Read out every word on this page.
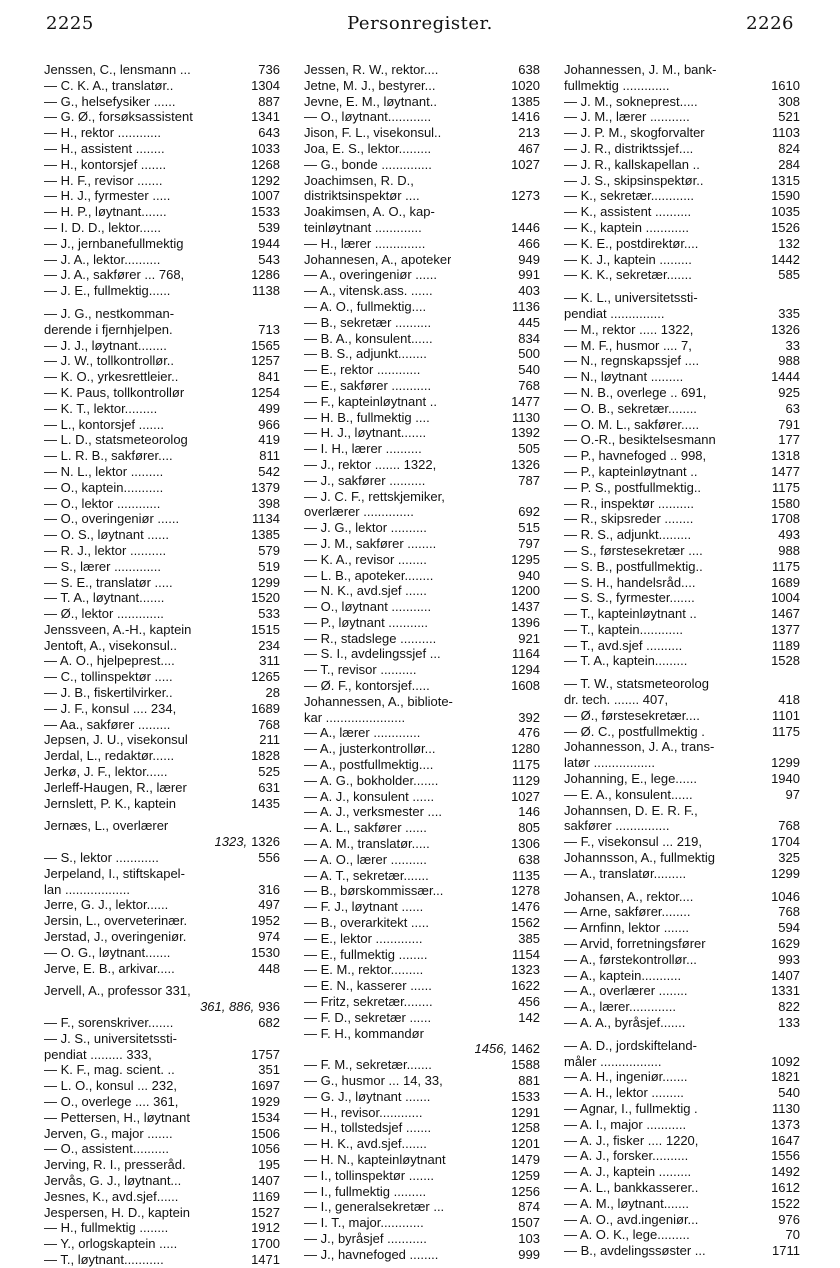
2225	Personregister.	2226
Jenssen, C., lensmann ...	736
— C. K. A., translatør..	1304
— G., helsefysiker ......	887
— G. Ø., forsøksassistent	1341
— H., rektor ............	643
— H., assistent ........	1033
— H., kontorsjef .......	1268
— H. F., revisor .......	1292
— H. J., fyrmester .....	1007
— H. P., løytnant.......	1533
— I. D. D., lektor......	539
— J., jernbanefullmektig	1944
— J. A., lektor..........	543
— J. A., sakfører ... 768,	1286
— J. E., fullmektig......	1138
— J. G., nestkomman-
derende i fjernhjelpen.	713
— J. J., løytnant........	1565
— J. W., tollkontrollør..	1257
— K. O., yrkesrettleier..	841
— K. Paus, tollkontrollør	1254
— K. T., lektor.........	499
— L., kontorsjef .......	966
— L. D., statsmeteorolog	419
— L. R. B., sakfører....	811
— N. L., lektor .........	542
— O., kaptein...........	1379
— O., lektor ............	398
— O., overingeniør ......	1134
— O. S., løytnant ......	1385
— R. J., lektor ..........	579
— S., lærer .............	519
— S. E., translatør .....	1299
— T. A., løytnant.......	1520
— Ø., lektor .............	533
Jenssveen, A.-H., kaptein	1515
Jentoft, A., visekonsul..	234
— A. O., hjelpeprest....	311
— C., tollinspektør .....	1265
— J. B., fiskertilvirker..	28
— J. F., konsul .... 234,	1689
— Aa., sakfører .........	768
Jepsen, J. U., visekonsul	211
Jerdal, L., redaktør......	1828
Jerkø, J. F., lektor......	525
Jerleff-Haugen, R., lærer	631
Jernslett, P. K., kaptein	1435
Jernæs, L., overlærer
1323, 1326
— S., lektor ............	556
Jerpeland, I., stiftskapel-
lan ..................	316
Jerre, G. J., lektor......	497
Jersin, L., overveterinær.	1952
Jerstad, J., overingeniør.	974
— O. G., løytnant.......	1530
Jerve, E. B., arkivar.....	448
Jervell, A., professor 331,
361, 886, 936
— F., sorenskriver.......	682
— J. S., universitetssti-
pendiat ......... 333,	1757
— K. F., mag. scient. ..	351
— L. O., konsul ... 232,	1697
— O., overlege .... 361,	1929
— Pettersen, H., løytnant	1534
Jerven, G., major .......	1506
— O., assistent..........	1056
Jerving, R. I., presseråd.	195
Jervås, G. J., løytnant...	1407
Jesnes, K., avd.sjef......	1169
Jespersen, H. D., kaptein	1527
— H., fullmektig ........	1912
— Y., orlogskaptein .....	1700
— T., løytnant...........	1471
Jessen, R. W., rektor....	638
Jetne, M. J., bestyrer...	1020
Jevne, E. M., løytnant..	1385
— O., løytnant............	1416
Jison, F. L., visekonsul..	213
Joa, E. S., lektor.........	467
— G., bonde ..............	1027
Joachimsen, R. D.,
distriktsinspektør ....	1273
Joakimsen, A. O., kap-
teinløytnant .............	1446
— H., lærer ..............	466
Johannesen, A., apoteker	949
— A., overingeniør ......	991
— A., vitensk.ass. ......	403
— A. O., fullmektig....	1136
— B., sekretær ..........	445
— B. A., konsulent......	834
— B. S., adjunkt........	500
— E., rektor ............	540
— E., sakfører ...........	768
— F., kapteinløytnant ..	1477
— H. B., fullmektig ....	1130
— H. J., løytnant.......	1392
— I. H., lærer ..........	505
— J., rektor ....... 1322,	1326
— J., sakfører ..........	787
— J. C. F., rettskjemiker,
overlærer ..............	692
— J. G., lektor ..........	515
— J. M., sakfører ........	797
— K. A., revisor ........	1295
— L. B., apoteker........	940
— N. K., avd.sjef ......	1200
— O., løytnant ...........	1437
— P., løytnant ...........	1396
— R., stadslege ..........	921
— S. I., avdelingssjef ...	1164
— T., revisor ..........	1294
— Ø. F., kontorsjef.....	1608
Johannessen, A., bibliote-
kar ......................	392
— A., lærer .............	476
— A., justerkontrollør...	1280
— A., postfullmektig....	1175
— A. G., bokholder.......	1129
— A. J., konsulent ......	1027
— A. J., verksmester ....	146
— A. L., sakfører ......	805
— A. M., translatør.....	1306
— A. O., lærer ..........	638
— A. T., sekretær.......	1135
— B., børskommissær...	1278
— F. J., løytnant ......	1476
— B., overarkitekt .....	1562
— E., lektor .............	385
— E., fullmektig ........	1154
— E. M., rektor.........	1323
— E. N., kasserer ......	1622
— Fritz, sekretær........	456
— F. D., sekretær ......	142
— F. H., kommandør
1456, 1462
— F. M., sekretær.......	1588
— G., husmor ... 14, 33,	881
— G. J., løytnant .......	1533
— H., revisor............	1291
— H., tollstedsjef .......	1258
— H. K., avd.sjef.......	1201
— H. N., kapteinløytnant	1479
— I., tollinspektør .......	1259
— I., fullmektig .........	1256
— I., generalsekretær ...	874
— I. T., major............	1507
— J., byråsjef ...........	103
— J., havnefoged ........	999
Johannessen, J. M., bank-
fullmektig .............	1610
— J. M., sokneprest.....	308
— J. M., lærer ...........	521
— J. P. M., skogforvalter	1103
— J. R., distriktssjef....	824
— J. R., kallskapellan ..	284
— J. S., skipsinspektør..	1315
— K., sekretær............	1590
— K., assistent ..........	1035
— K., kaptein ............	1526
— K. E., postdirektør....	132
— K. J., kaptein .........	1442
— K. K., sekretær.......	585
— K. L., universitetssti-
pendiat ...............	335
— M., rektor ..... 1322,	1326
— M. F., husmor .... 7,	33
— N., regnskapssjef ....	988
— N., løytnant .........	1444
— N. B., overlege .. 691,	925
— O. B., sekretær........	63
— O. M. L., sakfører.....	791
— O.-R., besiktelsesmann	177
— P., havnefoged .. 998,	1318
— P., kapteinløytnant ..	1477
— P. S., postfullmektig..	1175
— R., inspektør ..........	1580
— R., skipsreder ........	1708
— R. S., adjunkt.........	493
— S., førstesekretær ....	988
— S. B., postfullmektig..	1175
— S. H., handelsråd....	1689
— S. S., fyrmester.......	1004
— T., kapteinløytnant ..	1467
— T., kaptein............	1377
— T., avd.sjef ..........	1189
— T. A., kaptein.........	1528
— T. W., statsmeteorolog
dr. tech. ....... 407,	418
— Ø., førstesekretær....	1101
— Ø. C., postfullmektig .	1175
Johannesson, J. A., trans-
latør .................	1299
Johanning, E., lege......	1940
— E. A., konsulent......	97
Johannsen, D. E. R. F.,
sakfører ...............	768
— F., visekonsul ... 219,	1704
Johannsson, A., fullmektig	325
— A., translatør.........	1299
Johansen, A., rektor....	1046
— Arne, sakfører........	768
— Arnfinn, lektor .......	594
— Arvid, forretningsfører	1629
— A., førstekontrollør...	993
— A., kaptein...........	1407
— A., overlærer ........	1331
— A., lærer.............	822
— A. A., byråsjef.......	133
— A. D., jordskifteland-
måler .................	1092
— A. H., ingeniør.......	1821
— A. H., lektor .........	540
— Agnar, I., fullmektig .	1130
— A. I., major ...........	1373
— A. J., fisker .... 1220,	1647
— A. J., forsker..........	1556
— A. J., kaptein .........	1492
— A. L., bankkasserer..	1612
— A. M., løytnant.......	1522
— A. O., avd.ingeniør...	976
— A. O. K., lege.........	70
— B., avdelingssøster ...	1711
